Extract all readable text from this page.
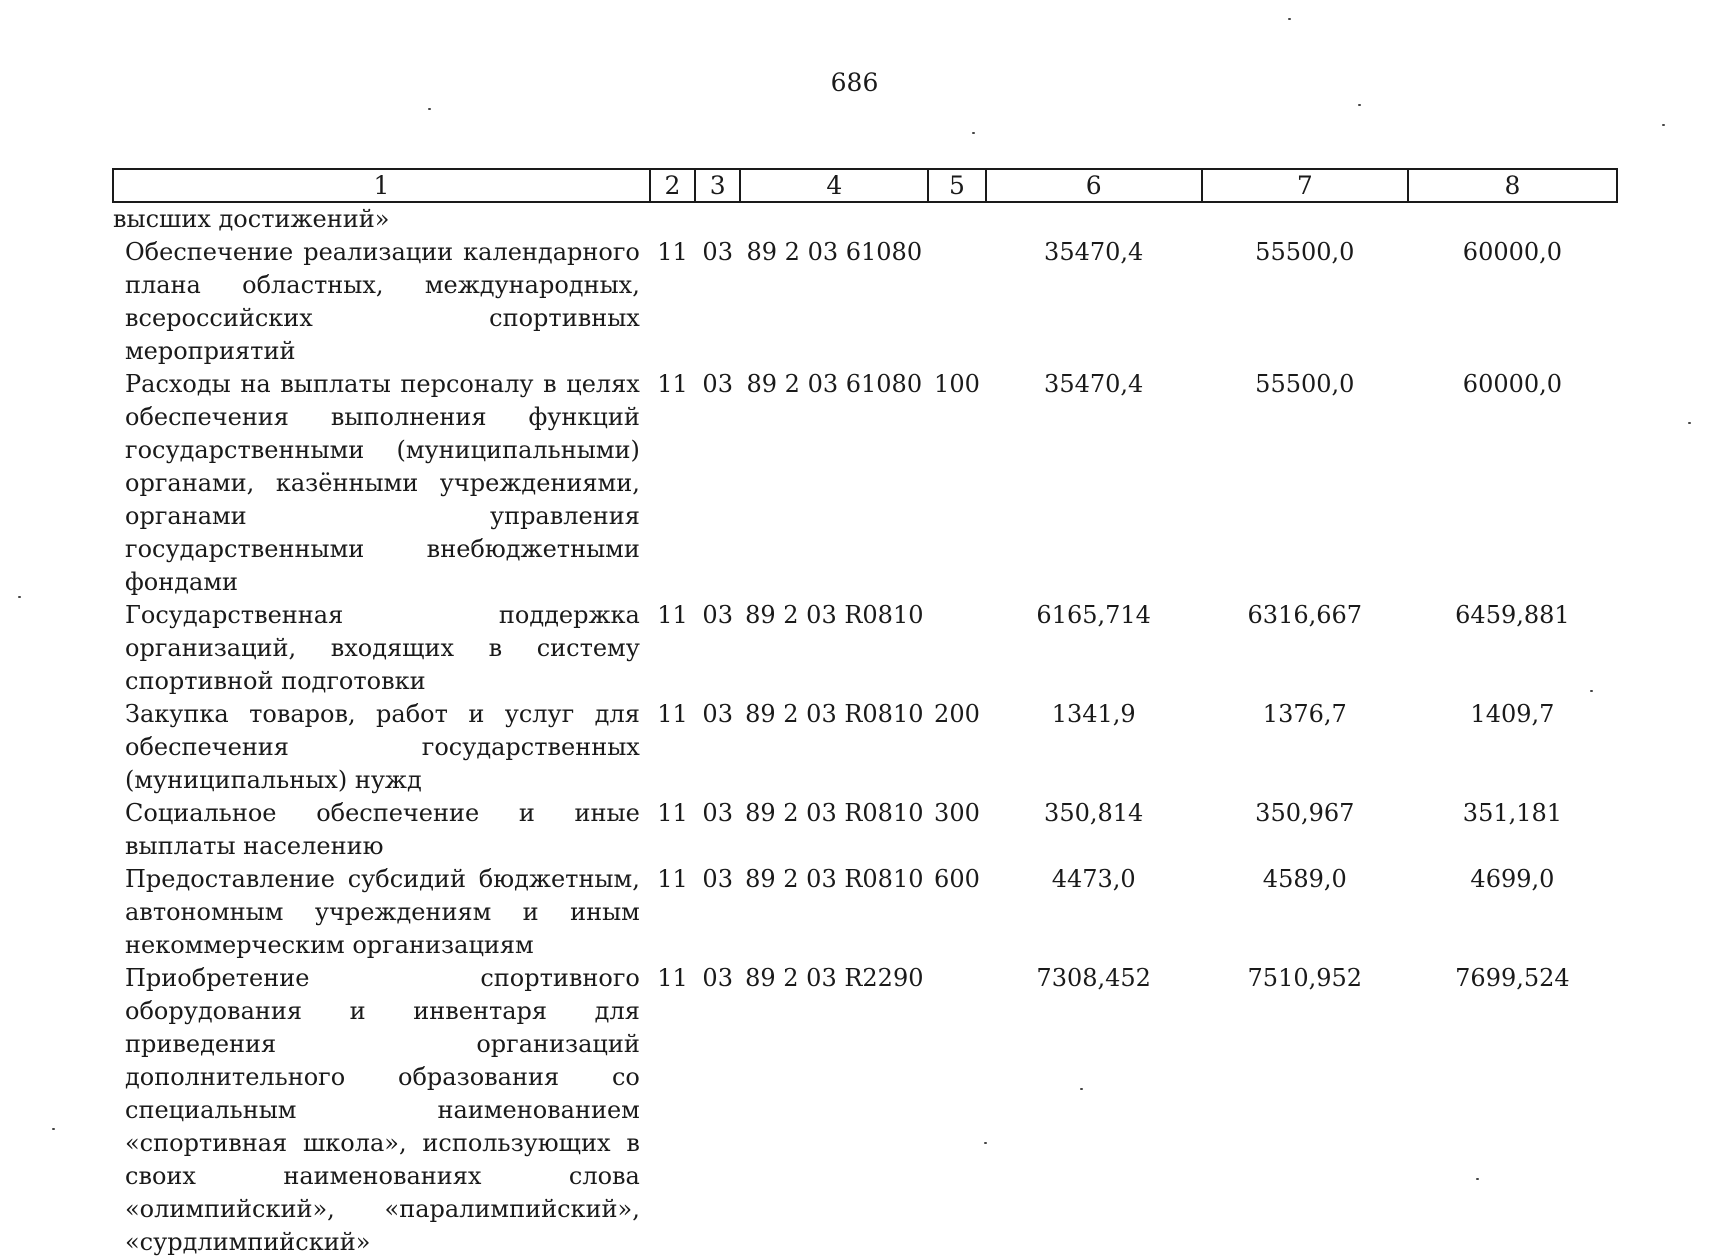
686
1	2	3	4	5	6	7	8
высших достижений»							
Обеспечение реализации календарного плана областных, международных, всероссийских спортивных мероприятий	11	03	89 2 03 61080		35470,4	55500,0	60000,0
Расходы на выплаты персоналу в целях обеспечения выполнения функций государственными (муниципальными) органами, казёнными учреждениями, органами управления государственными внебюджетными фондами	11	03	89 2 03 61080	100	35470,4	55500,0	60000,0
Государственная поддержка организаций, входящих в систему спортивной подготовки	11	03	89 2 03 R0810		6165,714	6316,667	6459,881
Закупка товаров, работ и услуг для обеспечения государственных (муниципальных) нужд	11	03	89 2 03 R0810	200	1341,9	1376,7	1409,7
Социальное обеспечение и иные выплаты населению	11	03	89 2 03 R0810	300	350,814	350,967	351,181
Предоставление субсидий бюджетным, автономным учреждениям и иным некоммерческим организациям	11	03	89 2 03 R0810	600	4473,0	4589,0	4699,0
Приобретение спортивного оборудования и инвентаря для приведения организаций дополнительного образования со специальным наименованием «спортивная школа», использующих в своих наименованиях слова «олимпийский», «паралимпийский», «сурдлимпийский»	11	03	89 2 03 R2290		7308,452	7510,952	7699,524
